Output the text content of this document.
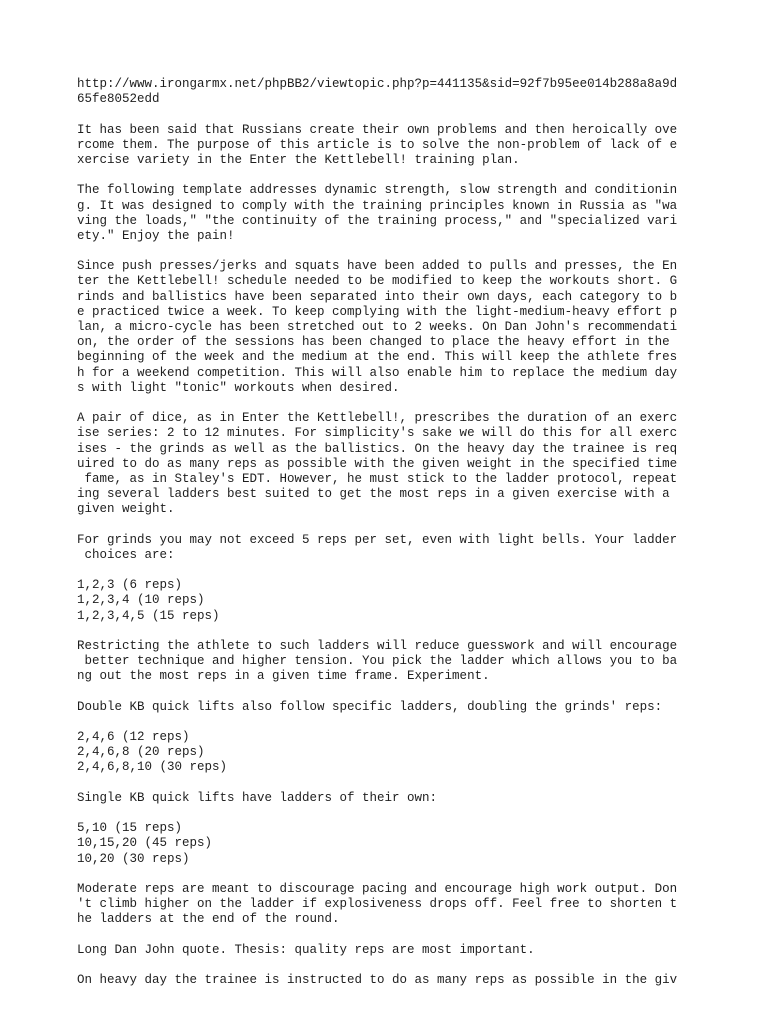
http://www.irongarmx.net/phpBB2/viewtopic.php?p=441135&sid=92f7b95ee014b288a8a9d
65fe8052edd
It has been said that Russians create their own problems and then heroically ove
rcome them. The purpose of this article is to solve the non-problem of lack of e
xercise variety in the Enter the Kettlebell! training plan.
The following template addresses dynamic strength, slow strength and conditionin
g. It was designed to comply with the training principles known in Russia as "wa
ving the loads," "the continuity of the training process," and "specialized vari
ety." Enjoy the pain!
Since push presses/jerks and squats have been added to pulls and presses, the En
ter the Kettlebell! schedule needed to be modified to keep the workouts short. G
rinds and ballistics have been separated into their own days, each category to b
e practiced twice a week. To keep complying with the light-medium-heavy effort p
lan, a micro-cycle has been stretched out to 2 weeks. On Dan John's recommendati
on, the order of the sessions has been changed to place the heavy effort in the
beginning of the week and the medium at the end. This will keep the athlete fres
h for a weekend competition. This will also enable him to replace the medium day
s with light "tonic" workouts when desired.
A pair of dice, as in Enter the Kettlebell!, prescribes the duration of an exerc
ise series: 2 to 12 minutes. For simplicity's sake we will do this for all exerc
ises - the grinds as well as the ballistics. On the heavy day the trainee is req
uired to do as many reps as possible with the given weight in the specified time
fame, as in Staley's EDT. However, he must stick to the ladder protocol, repeat
ing several ladders best suited to get the most reps in a given exercise with a
given weight.
For grinds you may not exceed 5 reps per set, even with light bells. Your ladder
choices are:
1,2,3 (6 reps)
1,2,3,4 (10 reps)
1,2,3,4,5 (15 reps)
Restricting the athlete to such ladders will reduce guesswork and will encourage
better technique and higher tension. You pick the ladder which allows you to ba
ng out the most reps in a given time frame. Experiment.
Double KB quick lifts also follow specific ladders, doubling the grinds' reps:
2,4,6 (12 reps)
2,4,6,8 (20 reps)
2,4,6,8,10 (30 reps)
Single KB quick lifts have ladders of their own:
5,10 (15 reps)
10,15,20 (45 reps)
10,20 (30 reps)
Moderate reps are meant to discourage pacing and encourage high work output. Don
't climb higher on the ladder if explosiveness drops off. Feel free to shorten t
he ladders at the end of the round.
Long Dan John quote. Thesis: quality reps are most important.
On heavy day the trainee is instructed to do as many reps as possible in the giv
